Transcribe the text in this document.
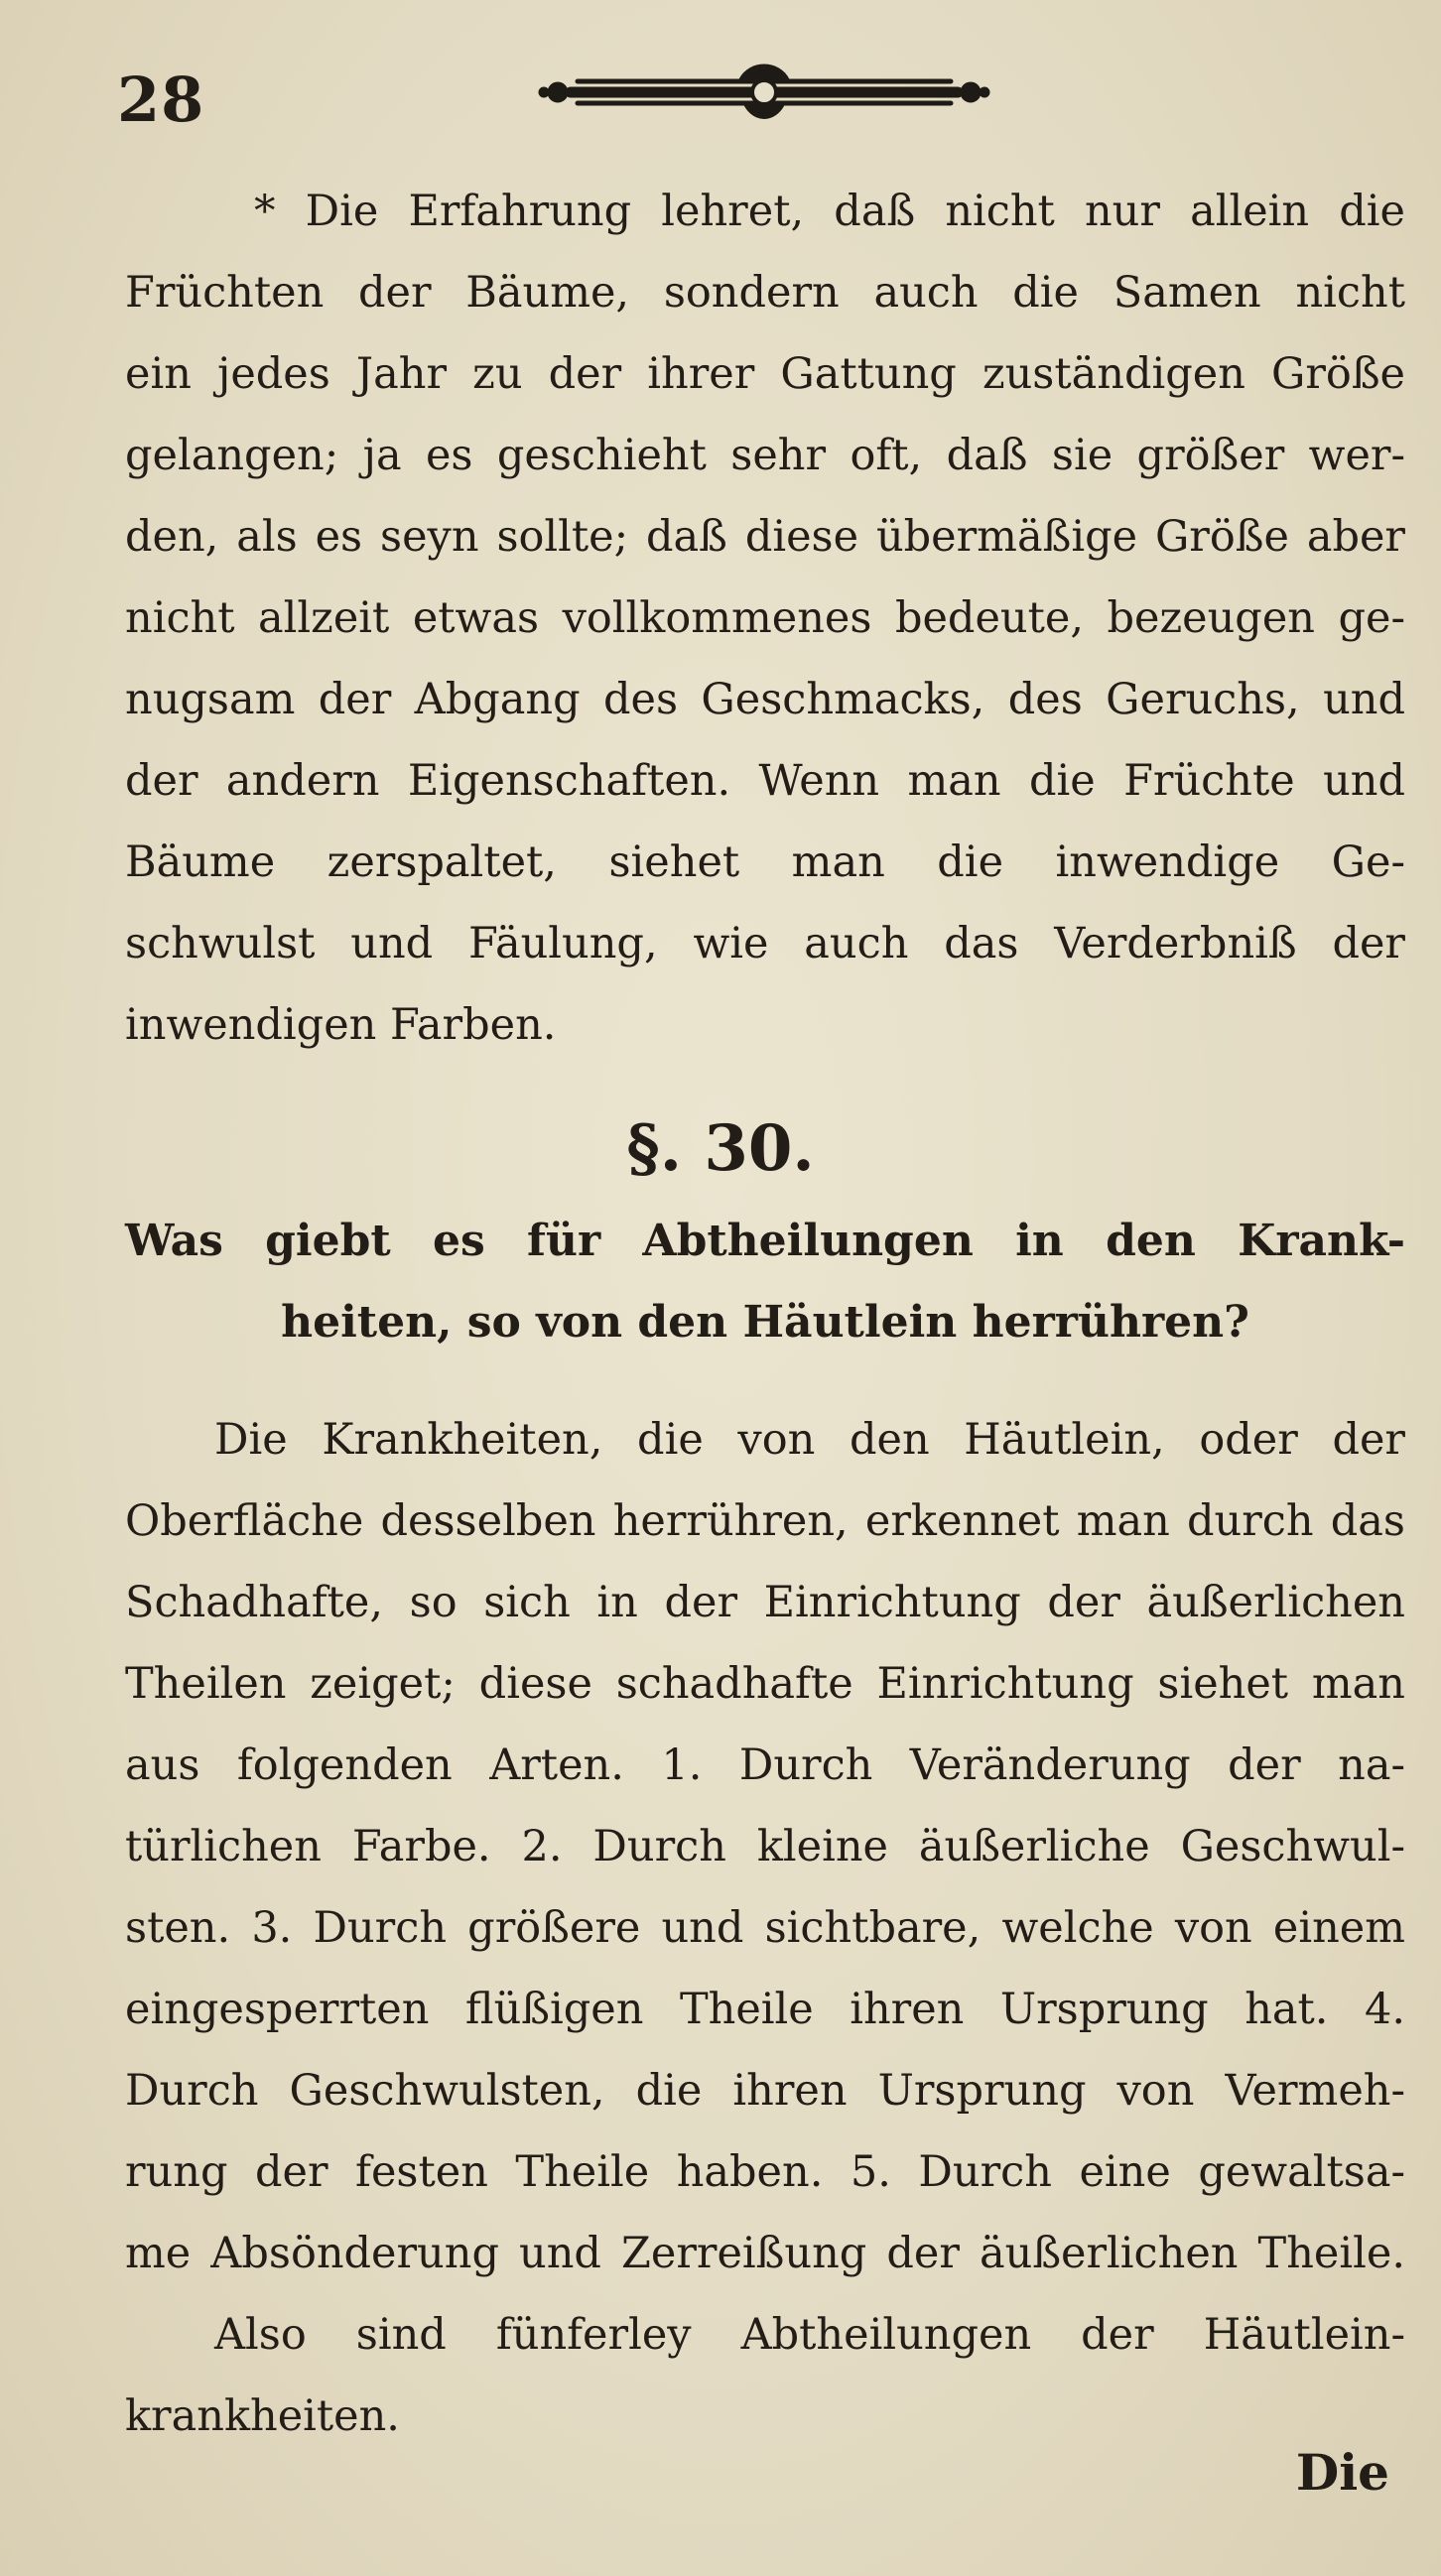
28
* Die Erfahrung lehret, daß nicht nur allein die
Früchten der Bäume, sondern auch die Samen nicht
ein jedes Jahr zu der ihrer Gattung zuständigen Größe
gelangen; ja es geschieht sehr oft, daß sie größer wer-
den, als es seyn sollte; daß diese übermäßige Größe aber
nicht allzeit etwas vollkommenes bedeute, bezeugen ge-
nugsam der Abgang des Geschmacks, des Geruchs, und
der andern Eigenschaften. Wenn man die Früchte und
Bäume zerspaltet, siehet man die inwendige Ge-
schwulst und Fäulung, wie auch das Verderbniß der
inwendigen Farben.
§. 30.
Was giebt es für Abtheilungen in den Krank-
heiten, so von den Häutlein herrühren?
Die Krankheiten, die von den Häutlein, oder der
Oberfläche desselben herrühren, erkennet man durch das
Schadhafte, so sich in der Einrichtung der äußerlichen
Theilen zeiget; diese schadhafte Einrichtung siehet man
aus folgenden Arten. 1. Durch Veränderung der na-
türlichen Farbe. 2. Durch kleine äußerliche Geschwul-
sten. 3. Durch größere und sichtbare, welche von einem
eingesperrten flüßigen Theile ihren Ursprung hat. 4.
Durch Geschwulsten, die ihren Ursprung von Vermeh-
rung der festen Theile haben. 5. Durch eine gewaltsa-
me Absönderung und Zerreißung der äußerlichen Theile.
Also sind fünferley Abtheilungen der Häutlein-
krankheiten.
Die
